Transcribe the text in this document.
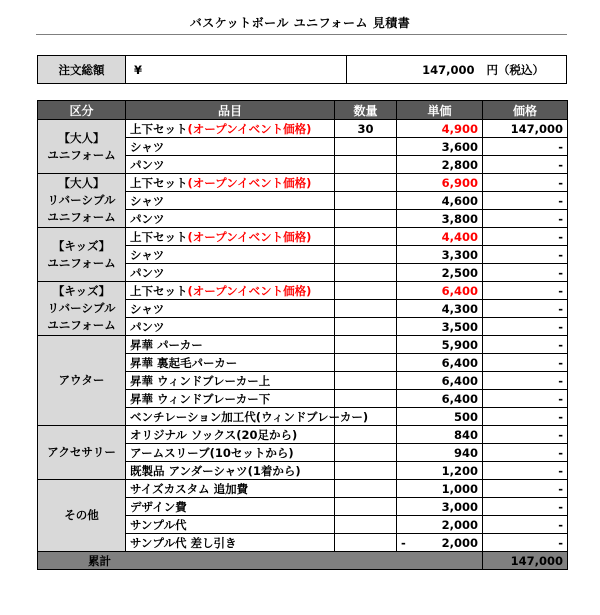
バスケットボール ユニフォーム 見積書
注文総額	¥	147,000 円（税込）
区分	品目	数量	単価	価格

【大人】
ユニフォーム	上下セット(オープンイベント価格)	30	4,900	147,000
	シャツ		3,600	-
	パンツ		2,800	-

【大人】
リバーシブル
ユニフォーム	上下セット(オープンイベント価格)		6,900	-
	シャツ		4,600	-
	パンツ		3,800	-

【キッズ】
ユニフォーム	上下セット(オープンイベント価格)		4,400	-
	シャツ		3,300	-
	パンツ		2,500	-

【キッズ】
リバーシブル
ユニフォーム	上下セット(オープンイベント価格)		6,400	-
	シャツ		4,300	-
	パンツ		3,500	-

アウター	昇華 パーカー		5,900	-
	昇華 裏起毛パーカー		6,400	-
	昇華 ウィンドブレーカー上		6,400	-
	昇華 ウィンドブレーカー下		6,400	-
	ベンチレーション加工代(ウィンドブレーカー)		500	-

アクセサリー	オリジナル ソックス(20足から)		840	-
	アームスリーブ(10セットから)		940	-
	既製品 アンダーシャツ(1着から)		1,200	-

その他	サイズカスタム 追加費		1,000	-
	デザイン費		3,000	-
	サンプル代		2,000	-
	サンプル代 差し引き		- 2,000	-
累計				147,000
